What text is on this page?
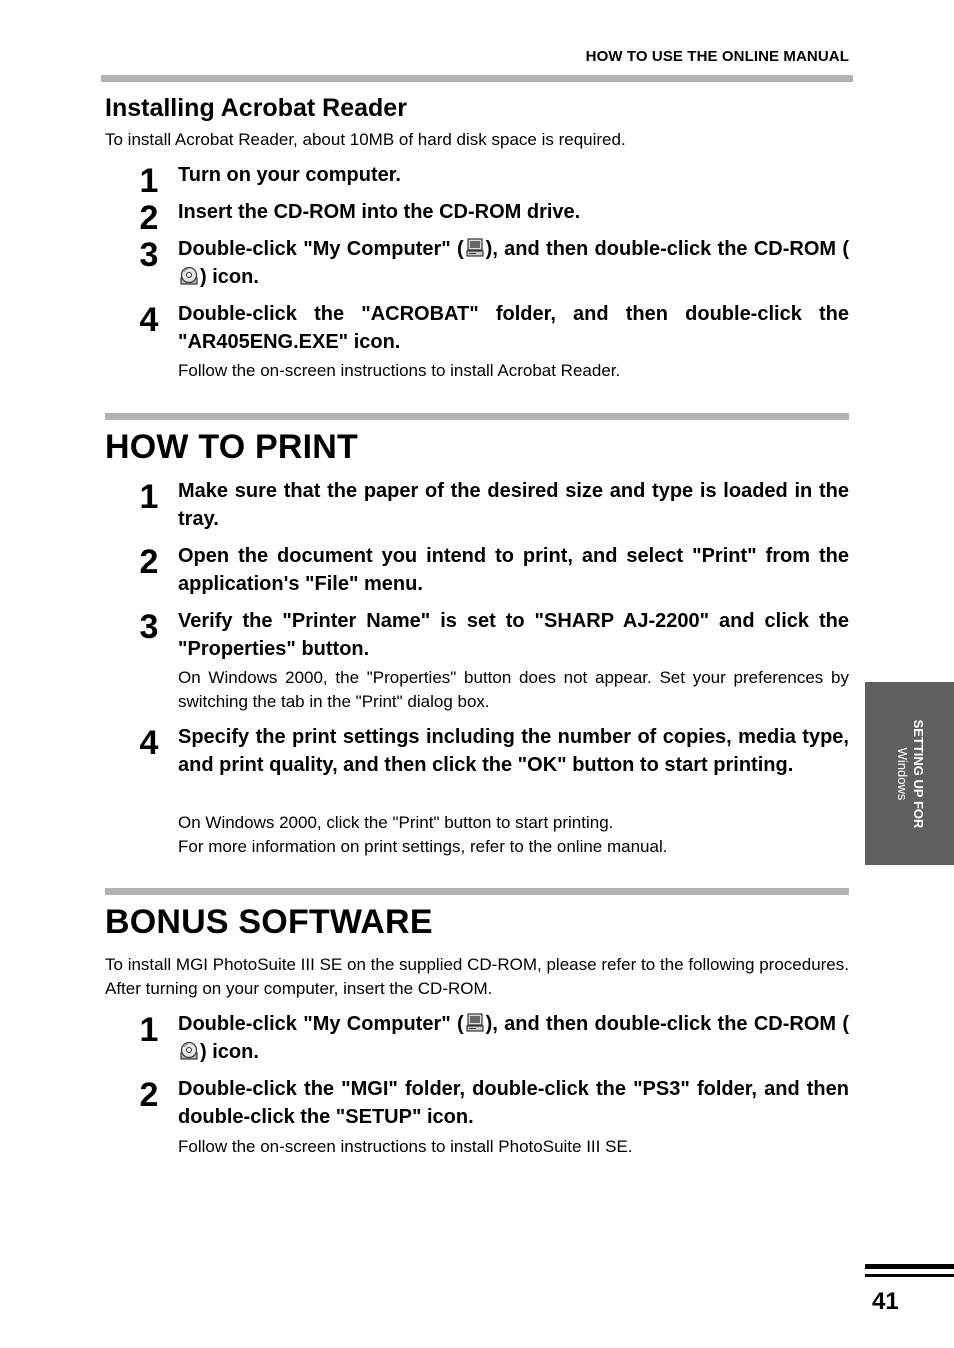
HOW TO USE THE ONLINE MANUAL
Installing Acrobat Reader
To install Acrobat Reader, about 10MB of hard disk space is required.
1 Turn on your computer.
2 Insert the CD-ROM into the CD-ROM drive.
3 Double-click "My Computer" ( ), and then double-click the CD-ROM () icon.
4 Double-click the "ACROBAT" folder, and then double-click the "AR405ENG.EXE" icon.
Follow the on-screen instructions to install Acrobat Reader.
HOW TO PRINT
1 Make sure that the paper of the desired size and type is loaded in the tray.
2 Open the document you intend to print, and select "Print" from the application's "File" menu.
3 Verify the "Printer Name" is set to "SHARP AJ-2200" and click the "Properties" button.
On Windows 2000, the "Properties" button does not appear. Set your preferences by switching the tab in the "Print" dialog box.
4 Specify the print settings including the number of copies, media type, and print quality, and then click the "OK" button to start printing.
On Windows 2000, click the "Print" button to start printing.
For more information on print settings, refer to the online manual.
BONUS SOFTWARE
To install MGI PhotoSuite III SE on the supplied CD-ROM, please refer to the following procedures. After turning on your computer, insert the CD-ROM.
1 Double-click "My Computer" ( ), and then double-click the CD-ROM () icon.
2 Double-click the "MGI" folder, double-click the "PS3" folder, and then double-click the "SETUP" icon.
Follow the on-screen instructions to install PhotoSuite III SE.
SETTING UP FOR
Windows
41
